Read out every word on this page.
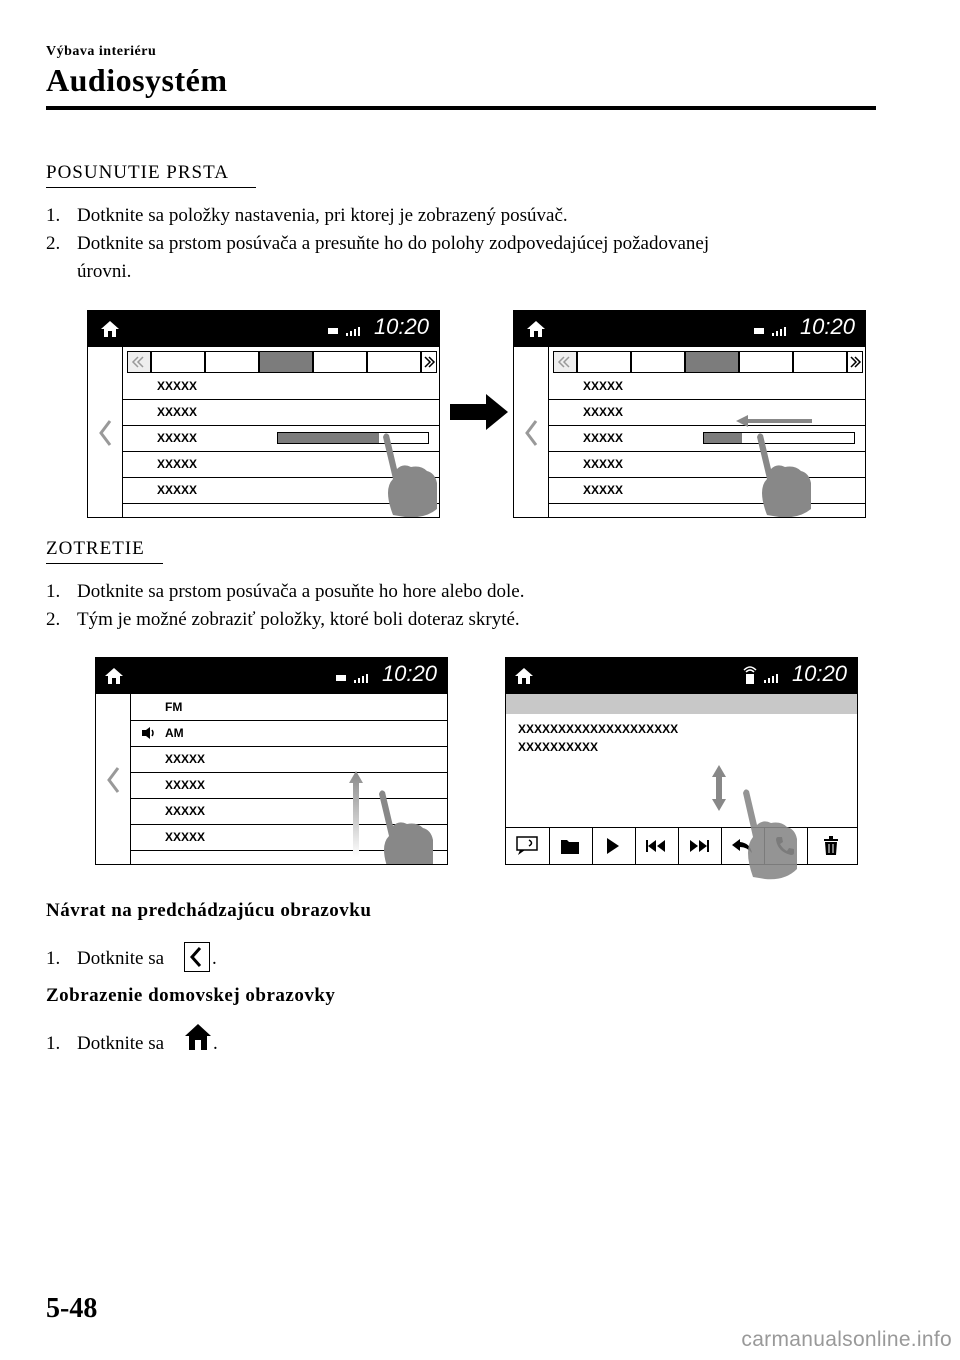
Výbava interiéru
Audiosystém
POSUNUTIE PRSTA
1. Dotknite sa položky nastavenia, pri ktorej je zobrazený posúvač.
2. Dotknite sa prstom posúvača a presuňte ho do polohy zodpovedajúcej požadovanej
úrovni.
10:20
XXXXX
XXXXX
XXXXX
XXXXX
XXXXX
10:20
XXXXX
XXXXX
XXXXX
XXXXX
XXXXX
ZOTRETIE
1. Dotknite sa prstom posúvača a posuňte ho hore alebo dole.
2. Tým je možné zobraziť položky, ktoré boli doteraz skryté.
10:20
FM
AM
XXXXX
XXXXX
XXXXX
XXXXX
10:20
XXXXXXXXXXXXXXXXXXXX
XXXXXXXXXX
Návrat na predchádzajúcu obrazovku
1. Dotknite sa	.
Zobrazenie domovskej obrazovky
1. Dotknite sa	.
5-48
carmanualsonline.info
